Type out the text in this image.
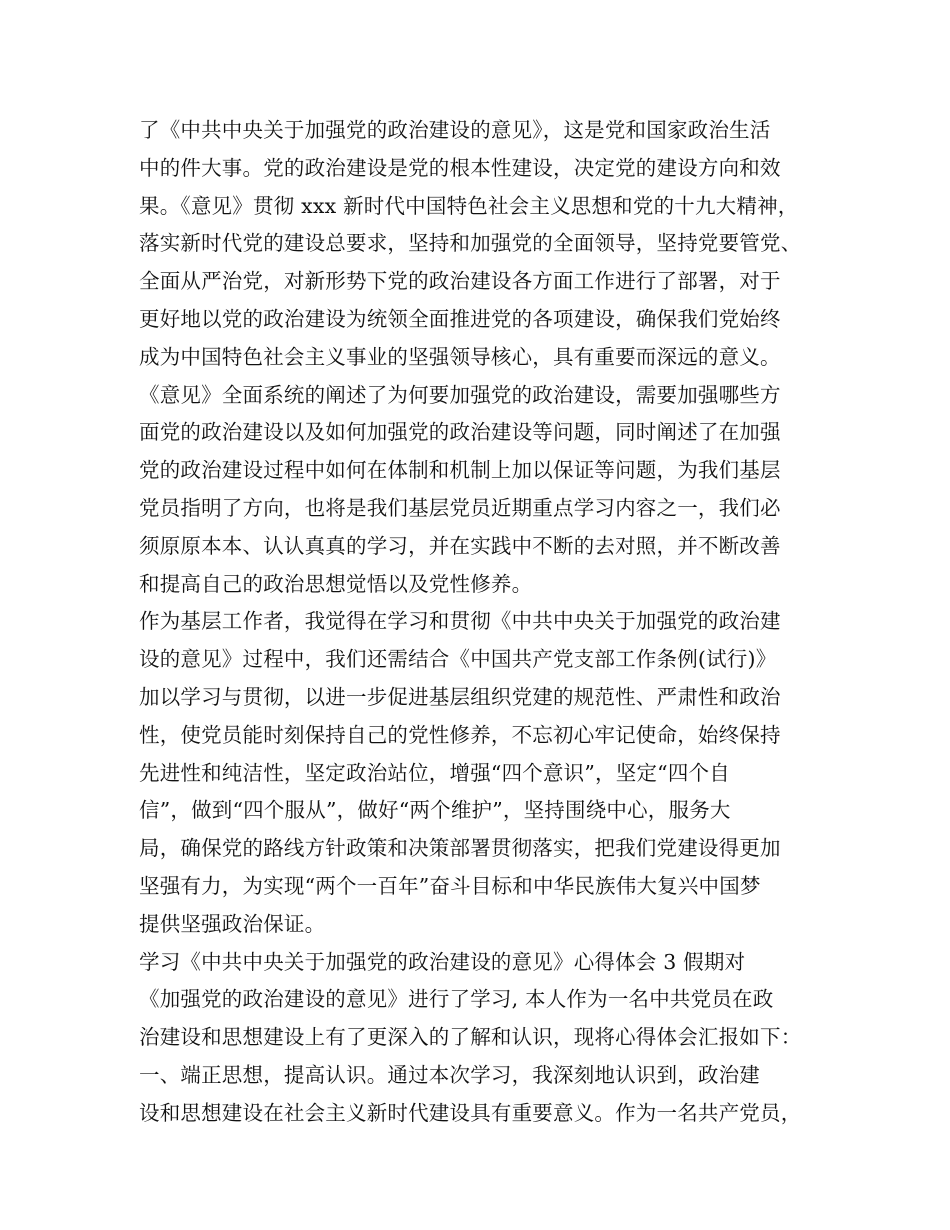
了《中共中央关于加强党的政治建设的意见》，这是党和国家政治生活
中的件大事。党的政治建设是党的根本性建设，决定党的建设方向和效
果。《意见》贯彻 xxx 新时代中国特色社会主义思想和党的十九大精神，
落实新时代党的建设总要求，坚持和加强党的全面领导，坚持党要管党、
全面从严治党，对新形势下党的政治建设各方面工作进行了部署，对于
更好地以党的政治建设为统领全面推进党的各项建设，确保我们党始终
成为中国特色社会主义事业的坚强领导核心，具有重要而深远的意义。
《意见》全面系统的阐述了为何要加强党的政治建设，需要加强哪些方
面党的政治建设以及如何加强党的政治建设等问题，同时阐述了在加强
党的政治建设过程中如何在体制和机制上加以保证等问题，为我们基层
党员指明了方向，也将是我们基层党员近期重点学习内容之一，我们必
须原原本本、认认真真的学习，并在实践中不断的去对照，并不断改善
和提高自己的政治思想觉悟以及党性修养。
作为基层工作者，我觉得在学习和贯彻《中共中央关于加强党的政治建
设的意见》过程中，我们还需结合《中国共产党支部工作条例(试行)》
加以学习与贯彻，以进一步促进基层组织党建的规范性、严肃性和政治
性，使党员能时刻保持自己的党性修养，不忘初心牢记使命，始终保持
先进性和纯洁性，坚定政治站位，增强“四个意识”，坚定“四个自
信”，做到“四个服从”，做好“两个维护”，坚持围绕中心，服务大
局，确保党的路线方针政策和决策部署贯彻落实，把我们党建设得更加
坚强有力，为实现“两个一百年”奋斗目标和中华民族伟大复兴中国梦
提供坚强政治保证。
学习《中共中央关于加强党的政治建设的意见》心得体会 3 假期对
《加强党的政治建设的意见》进行了学习, 本人作为一名中共党员在政
治建设和思想建设上有了更深入的了解和认识，现将心得体会汇报如下：
一、端正思想，提高认识。通过本次学习，我深刻地认识到，政治建
设和思想建设在社会主义新时代建设具有重要意义。作为一名共产党员，
